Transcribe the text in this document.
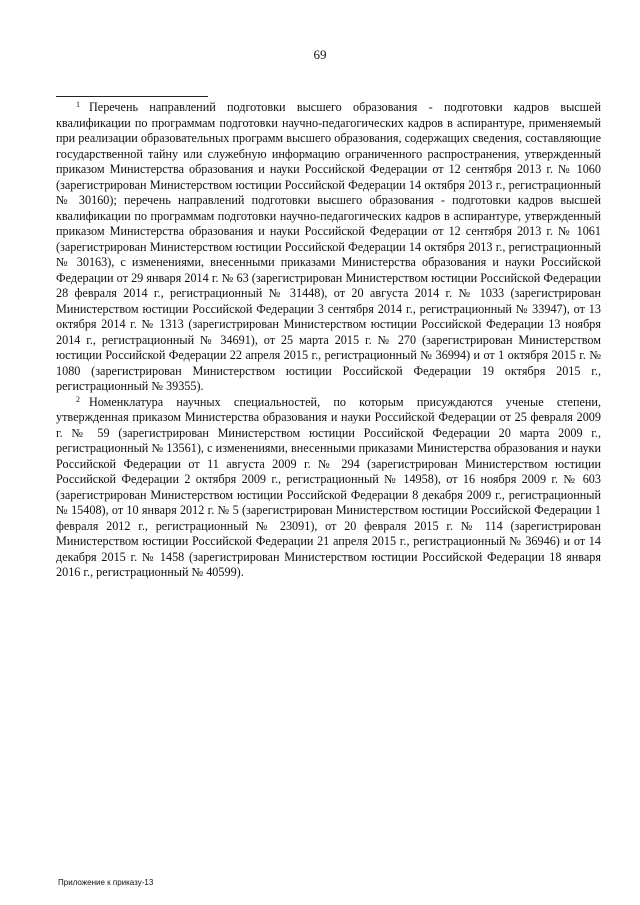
69

$^1$ Перечень направлений подготовки высшего образования - подготовки кадров высшей квалификации по программам подготовки научно-педагогических кадров в аспирантуре, применяемый при реализации образовательных программ высшего образования, содержащих сведения, составляющие государственной тайну или служебную информацию ограниченного распространения, утвержденный приказом Министерства образования и науки Российской Федерации от 12 сентября 2013 г. № 1060 (зарегистрирован Министерством юстиции Российской Федерации 14 октября 2013 г., регистрационный № 30160); перечень направлений подготовки высшего образования - подготовки кадров высшей квалификации по программам подготовки научно-педагогических кадров в аспирантуре, утвержденный приказом Министерства образования и науки Российской Федерации от 12 сентября 2013 г. № 1061 (зарегистрирован Министерством юстиции Российской Федерации 14 октября 2013 г., регистрационный № 30163), с изменениями, внесенными приказами Министерства образования и науки Российской Федерации от 29 января 2014 г. № 63 (зарегистрирован Министерством юстиции Российской Федерации 28 февраля 2014 г., регистрационный № 31448), от 20 августа 2014 г. № 1033 (зарегистрирован Министерством юстиции Российской Федерации 3 сентября 2014 г., регистрационный № 33947), от 13 октября 2014 г. № 1313 (зарегистрирован Министерством юстиции Российской Федерации 13 ноября 2014 г., регистрационный № 34691), от 25 марта 2015 г. № 270 (зарегистрирован Министерством юстиции Российской Федерации 22 апреля 2015 г., регистрационный № 36994) и от 1 октября 2015 г. № 1080 (зарегистрирован Министерством юстиции Российской Федерации 19 октября 2015 г., регистрационный № 39355).

$^2$ Номенклатура научных специальностей, по которым присуждаются ученые степени, утвержденная приказом Министерства образования и науки Российской Федерации от 25 февраля 2009 г. № 59 (зарегистрирован Министерством юстиции Российской Федерации 20 марта 2009 г., регистрационный № 13561), с изменениями, внесенными приказами Министерства образования и науки Российской Федерации от 11 августа 2009 г. № 294 (зарегистрирован Министерством юстиции Российской Федерации 2 октября 2009 г., регистрационный № 14958), от 16 ноября 2009 г. № 603 (зарегистрирован Министерством юстиции Российской Федерации 8 декабря 2009 г., регистрационный № 15408), от 10 января 2012 г. № 5 (зарегистрирован Министерством юстиции Российской Федерации 1 февраля 2012 г., регистрационный № 23091), от 20 февраля 2015 г. № 114 (зарегистрирован Министерством юстиции Российской Федерации 21 апреля 2015 г., регистрационный № 36946) и от 14 декабря 2015 г. № 1458 (зарегистрирован Министерством юстиции Российской Федерации 18 января 2016 г., регистрационный № 40599).

Приложение к приказу-13
